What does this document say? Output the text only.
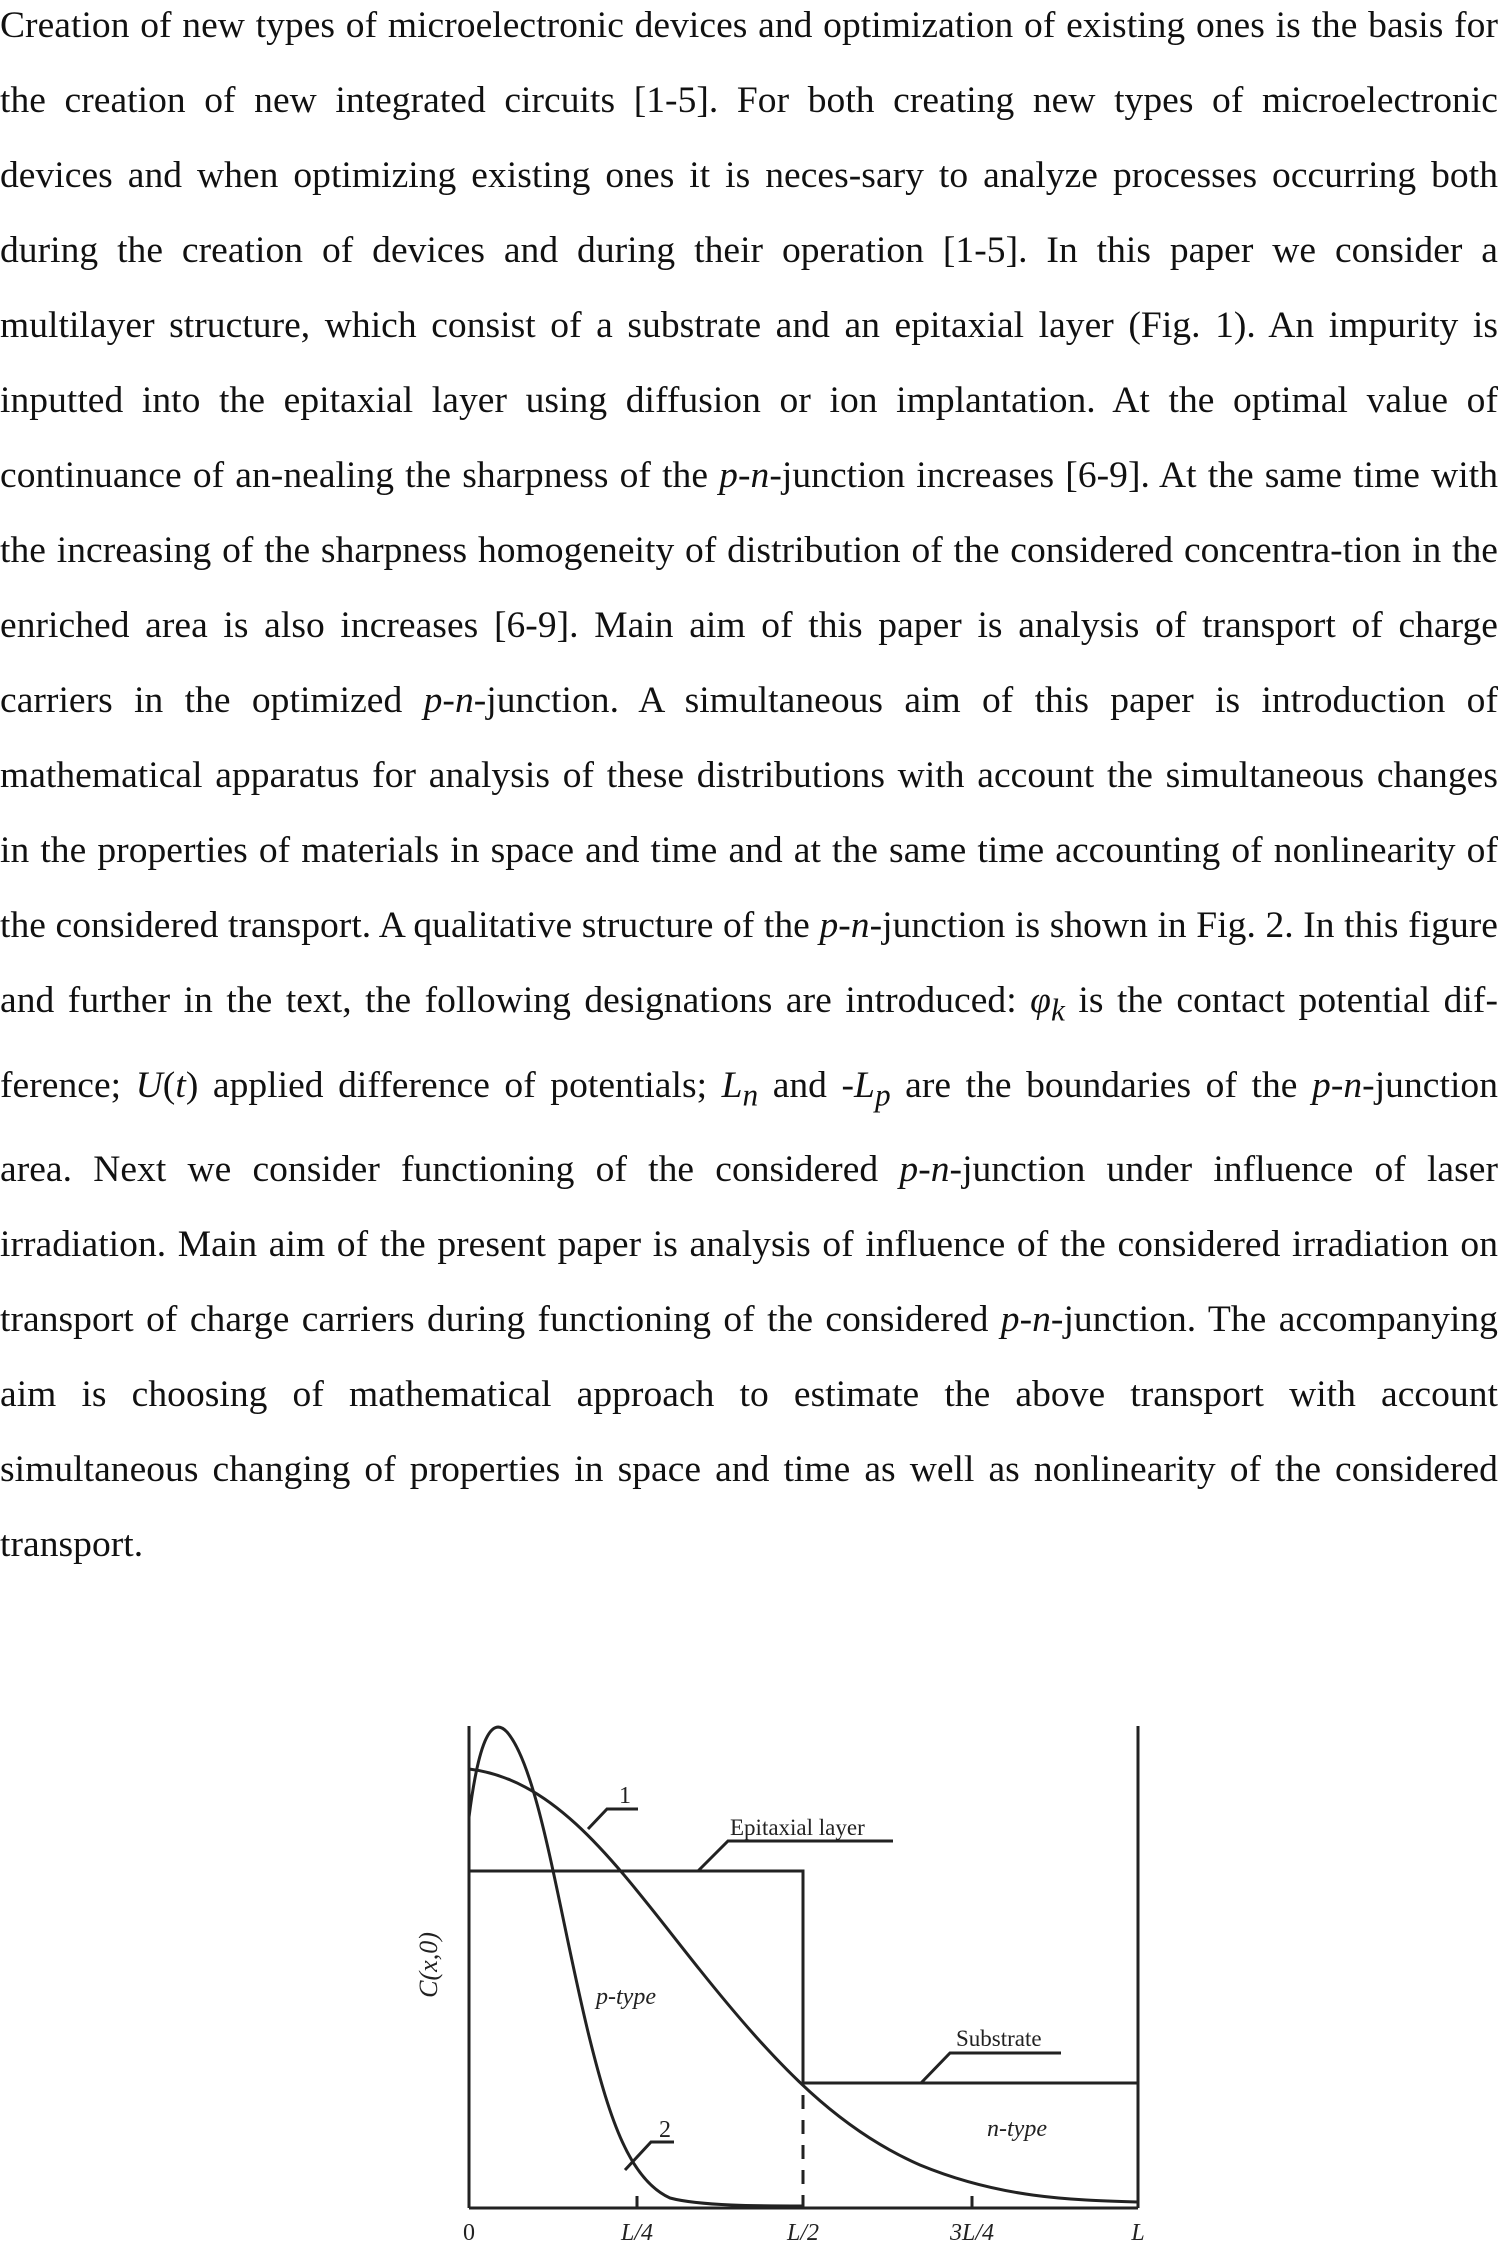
Creation of new types of microelectronic devices and optimization of existing ones is the basis for the creation of new integrated circuits [1-5]. For both creating new types of microelectronic devices and when optimizing existing ones it is neces-sary to analyze processes occurring both during the creation of devices and during their operation [1-5]. In this paper we consider a multilayer structure, which consist of a substrate and an epitaxial layer (Fig. 1). An impurity is inputted into the epitaxial layer using diffusion or ion implantation. At the optimal value of continuance of an-nealing the sharpness of the p-n-junction increases [6-9]. At the same time with the increasing of the sharpness homogeneity of distribution of the considered concentra-tion in the enriched area is also increases [6-9]. Main aim of this paper is analysis of transport of charge carriers in the optimized p-n-junction. A simultaneous aim of this paper is introduction of mathematical apparatus for analysis of these distributions with account the simultaneous changes in the properties of materials in space and time and at the same time accounting of nonlinearity of the considered transport. A qualitative structure of the p-n-junction is shown in Fig. 2. In this figure and further in the text, the following designations are introduced: $\varphi_k$ is the contact potential dif-ference; U(t) applied difference of potentials; $L_n$ and $-L_p$ are the boundaries of the p-n-junction area. Next we consider functioning of the considered p-n-junction under influence of laser irradiation. Main aim of the present paper is analysis of influence of the considered irradiation on transport of charge carriers during functioning of the considered p-n-junction. The accompanying aim is choosing of mathematical approach to estimate the above transport with account simultaneous changing of properties in space and time as well as nonlinearity of the considered transport.

1
2
Epitaxial layer
Substrate
p-type
n-type
C(x,0)
0	L/4	L/2	3L/4	L
